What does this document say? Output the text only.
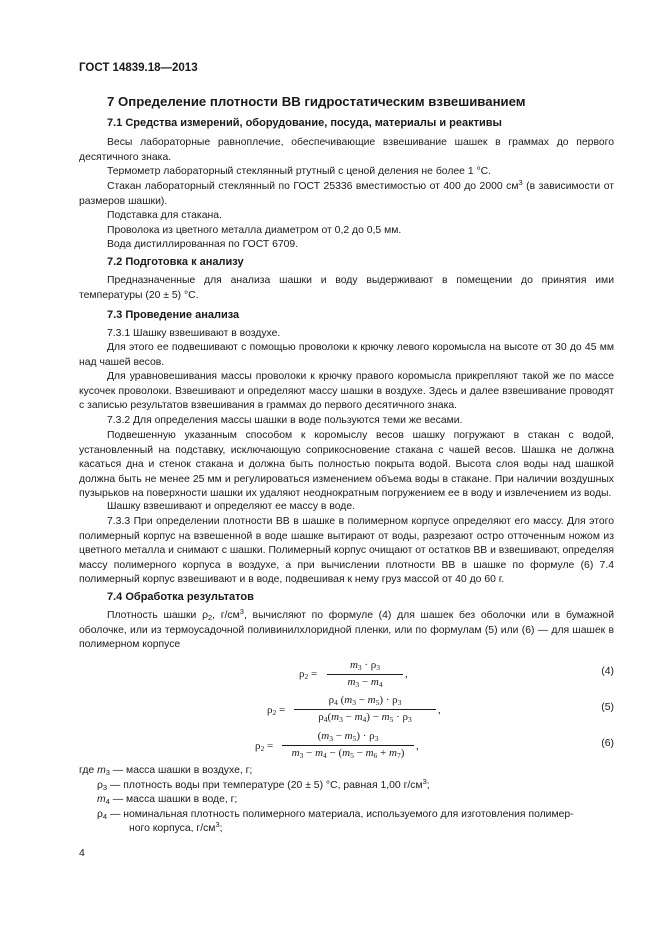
ГОСТ 14839.18—2013
7 Определение плотности ВВ гидростатическим взвешиванием
7.1 Средства измерений, оборудование, посуда, материалы и реактивы
Весы лабораторные равноплечие, обеспечивающие взвешивание шашек в граммах до первого десятичного знака.
Термометр лабораторный стеклянный ртутный с ценой деления не более 1 °С.
Стакан лабораторный стеклянный по ГОСТ 25336 вместимостью от 400 до 2000 $см^3$ (в зависимости от размеров шашки).
Подставка для стакана.
Проволока из цветного металла диаметром от 0,2 до 0,5 мм.
Вода дистиллированная по ГОСТ 6709.
7.2 Подготовка к анализу
Предназначенные для анализа шашки и воду выдерживают в помещении до принятия ими температуры (20 ± 5) °С.
7.3 Проведение анализа
7.3.1 Шашку взвешивают в воздухе.
Для этого ее подвешивают с помощью проволоки к крючку левого коромысла на высоте от 30 до 45 мм над чашей весов.
Для уравновешивания массы проволоки к крючку правого коромысла прикрепляют такой же по массе кусочек проволоки. Взвешивают и определяют массу шашки в воздухе. Здесь и далее взвешивание проводят с записью результатов взвешивания в граммах до первого десятичного знака.
7.3.2 Для определения массы шашки в воде пользуются теми же весами.
Подвешенную указанным способом к коромыслу весов шашку погружают в стакан с водой, установленный на подставку, исключающую соприкосновение стакана с чашей весов. Шашка не должна касаться дна и стенок стакана и должна быть полностью покрыта водой. Высота слоя воды над шашкой должна быть не менее 25 мм и регулироваться изменением объема воды в стакане. При наличии воздушных пузырьков на поверхности шашки их удаляют неоднократным погружением ее в воду и извлечением из воды.
Шашку взвешивают и определяют ее массу в воде.
7.3.3 При определении плотности ВВ в шашке в полимерном корпусе определяют его массу. Для этого полимерный корпус на взвешенной в воде шашке вытирают от воды, разрезают остро отточенным ножом из цветного металла и снимают с шашки. Полимерный корпус очищают от остатков ВВ и взвешивают, определяя массу полимерного корпуса в воздухе, а при вычислении плотности ВВ в шашке по формуле (6) 7.4 полимерный корпус взвешивают и в воде, подвешивая к нему груз массой от 40 до 60 г.
7.4 Обработка результатов
Плотность шашки $\rho_2$, $г/см^3$, вычисляют по формуле (4) для шашек без оболочки или в бумажной оболочке, или из термоусадочной поливинилхлоридной пленки, или по формулам (5) или (6) — для шашек в полимерном корпусе
$\rho_2$ =
$m_3 \cdot \rho_3$
$m_3 - m_4$
,	(4)
$\rho_2$ =
$\rho_4$ $(m_3 - m_5) \cdot \rho_3$
$\rho_4(m_3 - m_4) - m_5 \cdot \rho_3$
,	(5)
$\rho_2$ =
$(m_3 - m_5) \cdot \rho_3$
$m_3 - m_4 - (m_5 - m_6 + m_7)$
,	(6)
где $m_3$ — масса шашки в воздухе, г;
$\rho_3$ — плотность воды при температуре (20 ± 5) °С, равная 1,00 $г/см^3$;
$m_4$ — масса шашки в воде, г;
$\rho_4$ — номинальная плотность полимерного материала, используемого для изготовления полимер-
ного корпуса, $г/см^3$;
4
